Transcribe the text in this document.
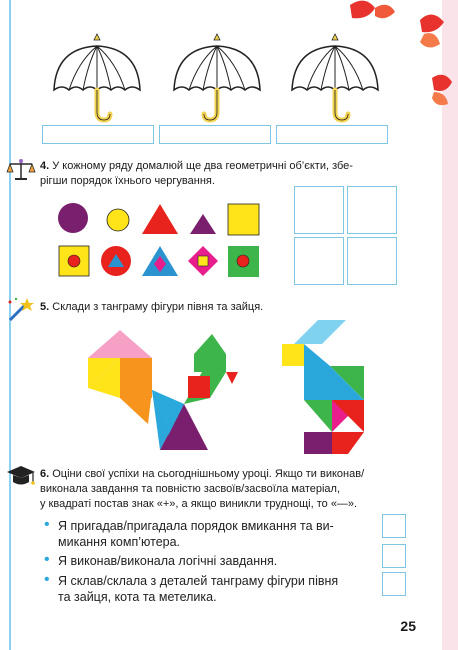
4. У кожному ряду домалюй ще два геометричні об’єкти, збе-
рігши порядок їхнього чергування.
5. Склади з танграму фігури півня та зайця.
6. Оціни свої успіхи на сьогоднішньому уроці. Якщо ти виконав/
виконала завдання та повністю засвоїв/засвоїла матеріал,
у квадраті постав знак «+», а якщо виникли труднощі, то «—».
• Я пригадав/пригадала порядок вмикання та ви-
микання комп’ютера.
• Я виконав/виконала логічні завдання.
• Я склав/склала з деталей танграму фігури півня
та зайця, кота та метелика.
25
